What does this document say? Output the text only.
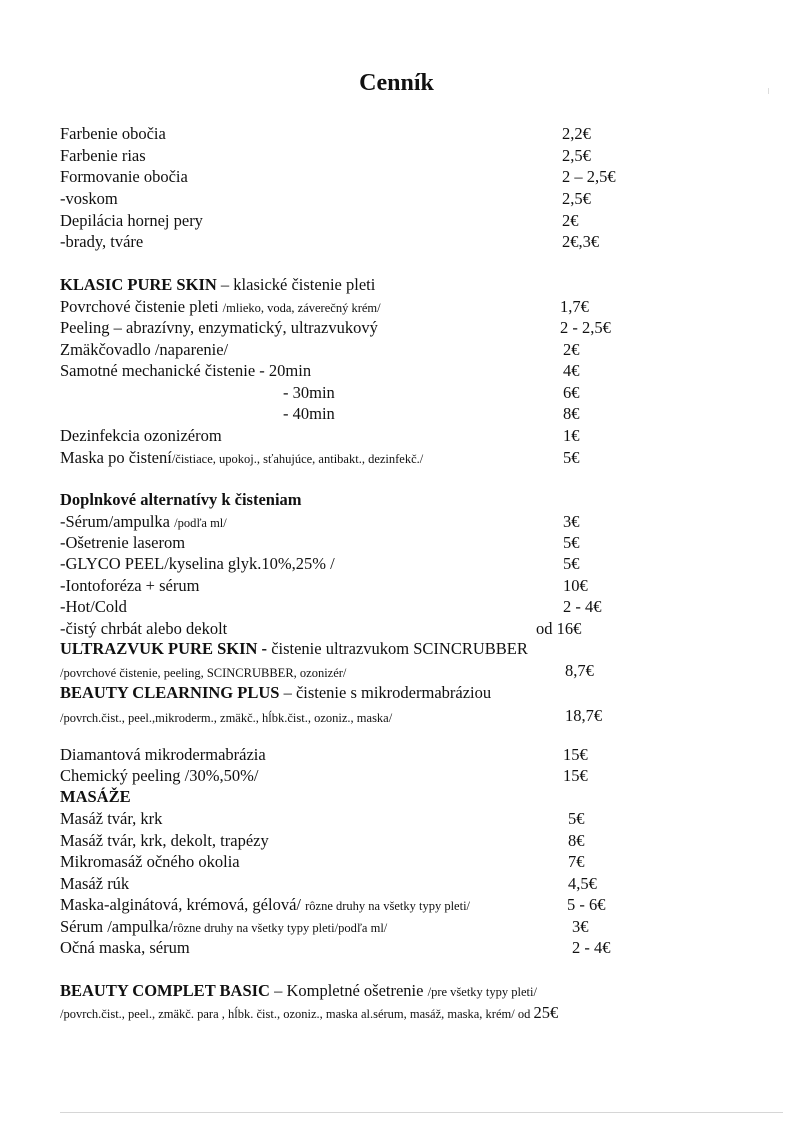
Cenník
Farbenie obočia	2,2€
Farbenie rias	2,5€
Formovanie obočia	2 – 2,5€
-voskom	2,5€
Depilácia hornej pery	2€
-brady, tváre	2€,3€
KLASIC PURE SKIN – klasické čistenie pleti
Povrchové čistenie pleti /mlieko, voda, záverečný krém/	1,7€
Peeling – abrazívny, enzymatický, ultrazvukový	2 - 2,5€
Zmäkčovadlo /naparenie/	2€
Samotné mechanické čistenie - 20min	4€
- 30min	6€
- 40min	8€
Dezinfekcia ozonizérom	1€
Maska po čistení/čistiace, upokoj., sťahujúce, antibakt., dezinfekč./	5€
Doplnkové alternatívy k čisteniam
-Sérum/ampulka /podľa ml/	3€
-Ošetrenie laserom	5€
-GLYCO PEEL/kyselina glyk.10%,25% /	5€
-Iontoforéza + sérum	10€
-Hot/Cold	2 - 4€
-čistý chrbát alebo dekolt	od 16€
ULTRAZVUK PURE SKIN - čistenie ultrazvukom SCINCRUBBER
/povrchové čistenie, peeling, SCINCRUBBER, ozonizér/	8,7€
BEAUTY CLEARNING PLUS – čistenie s mikrodermabráziou
/povrch.čist., peel.,mikroderm., zmäkč., hĺbk.čist., ozoniz., maska/	18,7€
Diamantová mikrodermabrázia	15€
Chemický peeling /30%,50%/	15€
MASÁŽE
Masáž tvár, krk	5€
Masáž tvár, krk, dekolt, trapézy	8€
Mikromasáž očného okolia	7€
Masáž rúk	4,5€
Maska-alginátová, krémová, gélová/ rôzne druhy na všetky typy pleti/	5 - 6€
Sérum /ampulka/rôzne druhy na všetky typy pleti/podľa ml/	3€
Očná maska, sérum	2 - 4€
BEAUTY COMPLET BASIC – Kompletné ošetrenie /pre všetky typy pleti/
/povrch.čist., peel., zmäkč. para , hĺbk. čist., ozoniz., maska al.sérum, masáž, maska, krém/ od 25€
